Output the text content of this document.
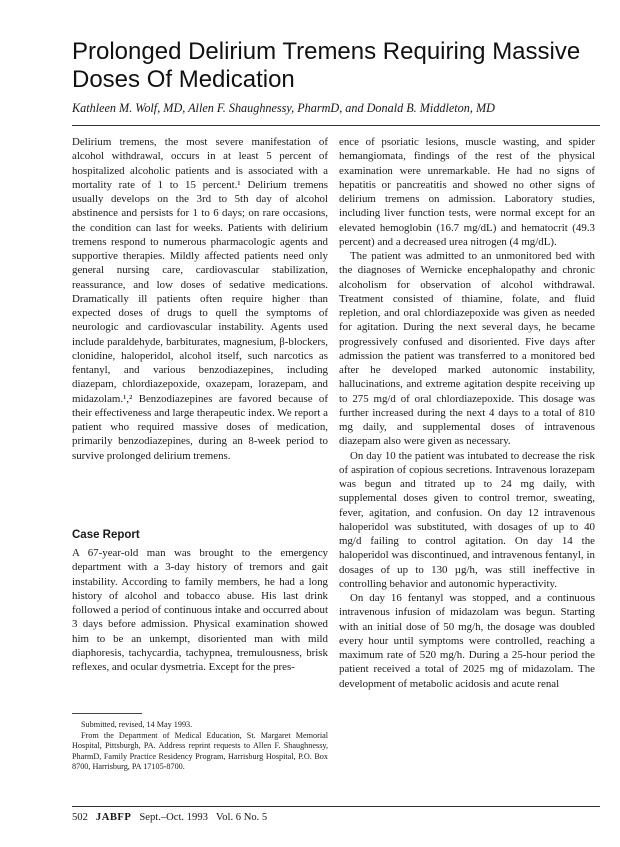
Prolonged Delirium Tremens Requiring Massive Doses Of Medication

Kathleen M. Wolf, MD, Allen F. Shaughnessy, PharmD, and Donald B. Middleton, MD

Delirium tremens, the most severe manifestation of alcohol withdrawal, occurs in at least 5 percent of hospitalized alcoholic patients and is associated with a mortality rate of 1 to 15 percent.¹ Delirium tremens usually develops on the 3rd to 5th day of alcohol abstinence and persists for 1 to 6 days; on rare occasions, the condition can last for weeks. Patients with delirium tremens respond to numerous pharmacologic agents and supportive therapies. Mildly affected patients need only general nursing care, cardiovascular stabilization, reassurance, and low doses of sedative medications. Dramatically ill patients often require higher than expected doses of drugs to quell the symptoms of neurologic and cardiovascular instability. Agents used include paraldehyde, barbiturates, magnesium, β-blockers, clonidine, haloperidol, alcohol itself, such narcotics as fentanyl, and various benzodiazepines, including diazepam, chlordiazepoxide, oxazepam, lorazepam, and midazolam.¹,² Benzodiazepines are favored because of their effectiveness and large therapeutic index. We report a patient who required massive doses of medication, primarily benzodiazepines, during an 8-week period to survive prolonged delirium tremens.

Case Report

A 67-year-old man was brought to the emergency department with a 3-day history of tremors and gait instability. According to family members, he had a long history of alcohol and tobacco abuse. His last drink followed a period of continuous intake and occurred about 3 days before admission. Physical examination showed him to be an unkempt, disoriented man with mild diaphoresis, tachycardia, tachypnea, tremulousness, brisk reflexes, and ocular dysmetria. Except for the pres-

Submitted, revised, 14 May 1993.

From the Department of Medical Education, St. Margaret Memorial Hospital, Pittsburgh, PA. Address reprint requests to Allen F. Shaughnessy, PharmD, Family Practice Residency Program, Harrisburg Hospital, P.O. Box 8700, Harrisburg, PA 17105-8700.

ence of psoriatic lesions, muscle wasting, and spider hemangiomata, findings of the rest of the physical examination were unremarkable. He had no signs of hepatitis or pancreatitis and showed no other signs of delirium tremens on admission. Laboratory studies, including liver function tests, were normal except for an elevated hemoglobin (16.7 mg/dL) and hematocrit (49.3 percent) and a decreased urea nitrogen (4 mg/dL).

The patient was admitted to an unmonitored bed with the diagnoses of Wernicke encephalopathy and chronic alcoholism for observation of alcohol withdrawal. Treatment consisted of thiamine, folate, and fluid repletion, and oral chlordiazepoxide was given as needed for agitation. During the next several days, he became progressively confused and disoriented. Five days after admission the patient was transferred to a monitored bed after he developed marked autonomic instability, hallucinations, and extreme agitation despite receiving up to 275 mg/d of oral chlordiazepoxide. This dosage was further increased during the next 4 days to a total of 810 mg daily, and supplemental doses of intravenous diazepam also were given as necessary.

On day 10 the patient was intubated to decrease the risk of aspiration of copious secretions. Intravenous lorazepam was begun and titrated up to 24 mg daily, with supplemental doses given to control tremor, sweating, fever, agitation, and confusion. On day 12 intravenous haloperidol was substituted, with dosages of up to 40 mg/d failing to control agitation. On day 14 the haloperidol was discontinued, and intravenous fentanyl, in dosages of up to 130 µg/h, was still ineffective in controlling behavior and autonomic hyperactivity.

On day 16 fentanyl was stopped, and a continuous intravenous infusion of midazolam was begun. Starting with an initial dose of 50 mg/h, the dosage was doubled every hour until symptoms were controlled, reaching a maximum rate of 520 mg/h. During a 25-hour period the patient received a total of 2025 mg of midazolam. The development of metabolic acidosis and acute renal

502 JABFP Sept.–Oct. 1993 Vol. 6 No. 5
